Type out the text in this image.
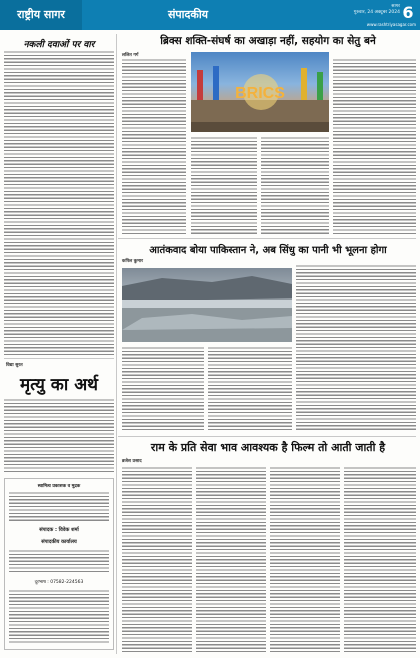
राष्ट्रीय सागर	संपादकीय
सागर
गुरुवार, 24 अक्टूबर 2024 6
www.rashtriyasagar.com
नकली दवाओं पर वार	ब्रिक्स शक्ति-संघर्ष का अखाड़ा नहीं, सहयोग का सेतु बने
ललित गर्ग
BRICS
आतंकवाद बोया पाकिस्तान ने, अब सिंधु का पानी भी भूलना होगा
कपिल कुमार
विद्या सुरत
मृत्यु का अर्थ
स्वामित्व प्रकाशक व मुद्रक
संपादक : विवेक शर्मा
संपादकीय कार्यालय
दूरभाष : 07582-224563
राम के प्रति सेवा भाव आवश्यक है फिल्म तो आती जाती है
ब्रजेश प्रसाद
